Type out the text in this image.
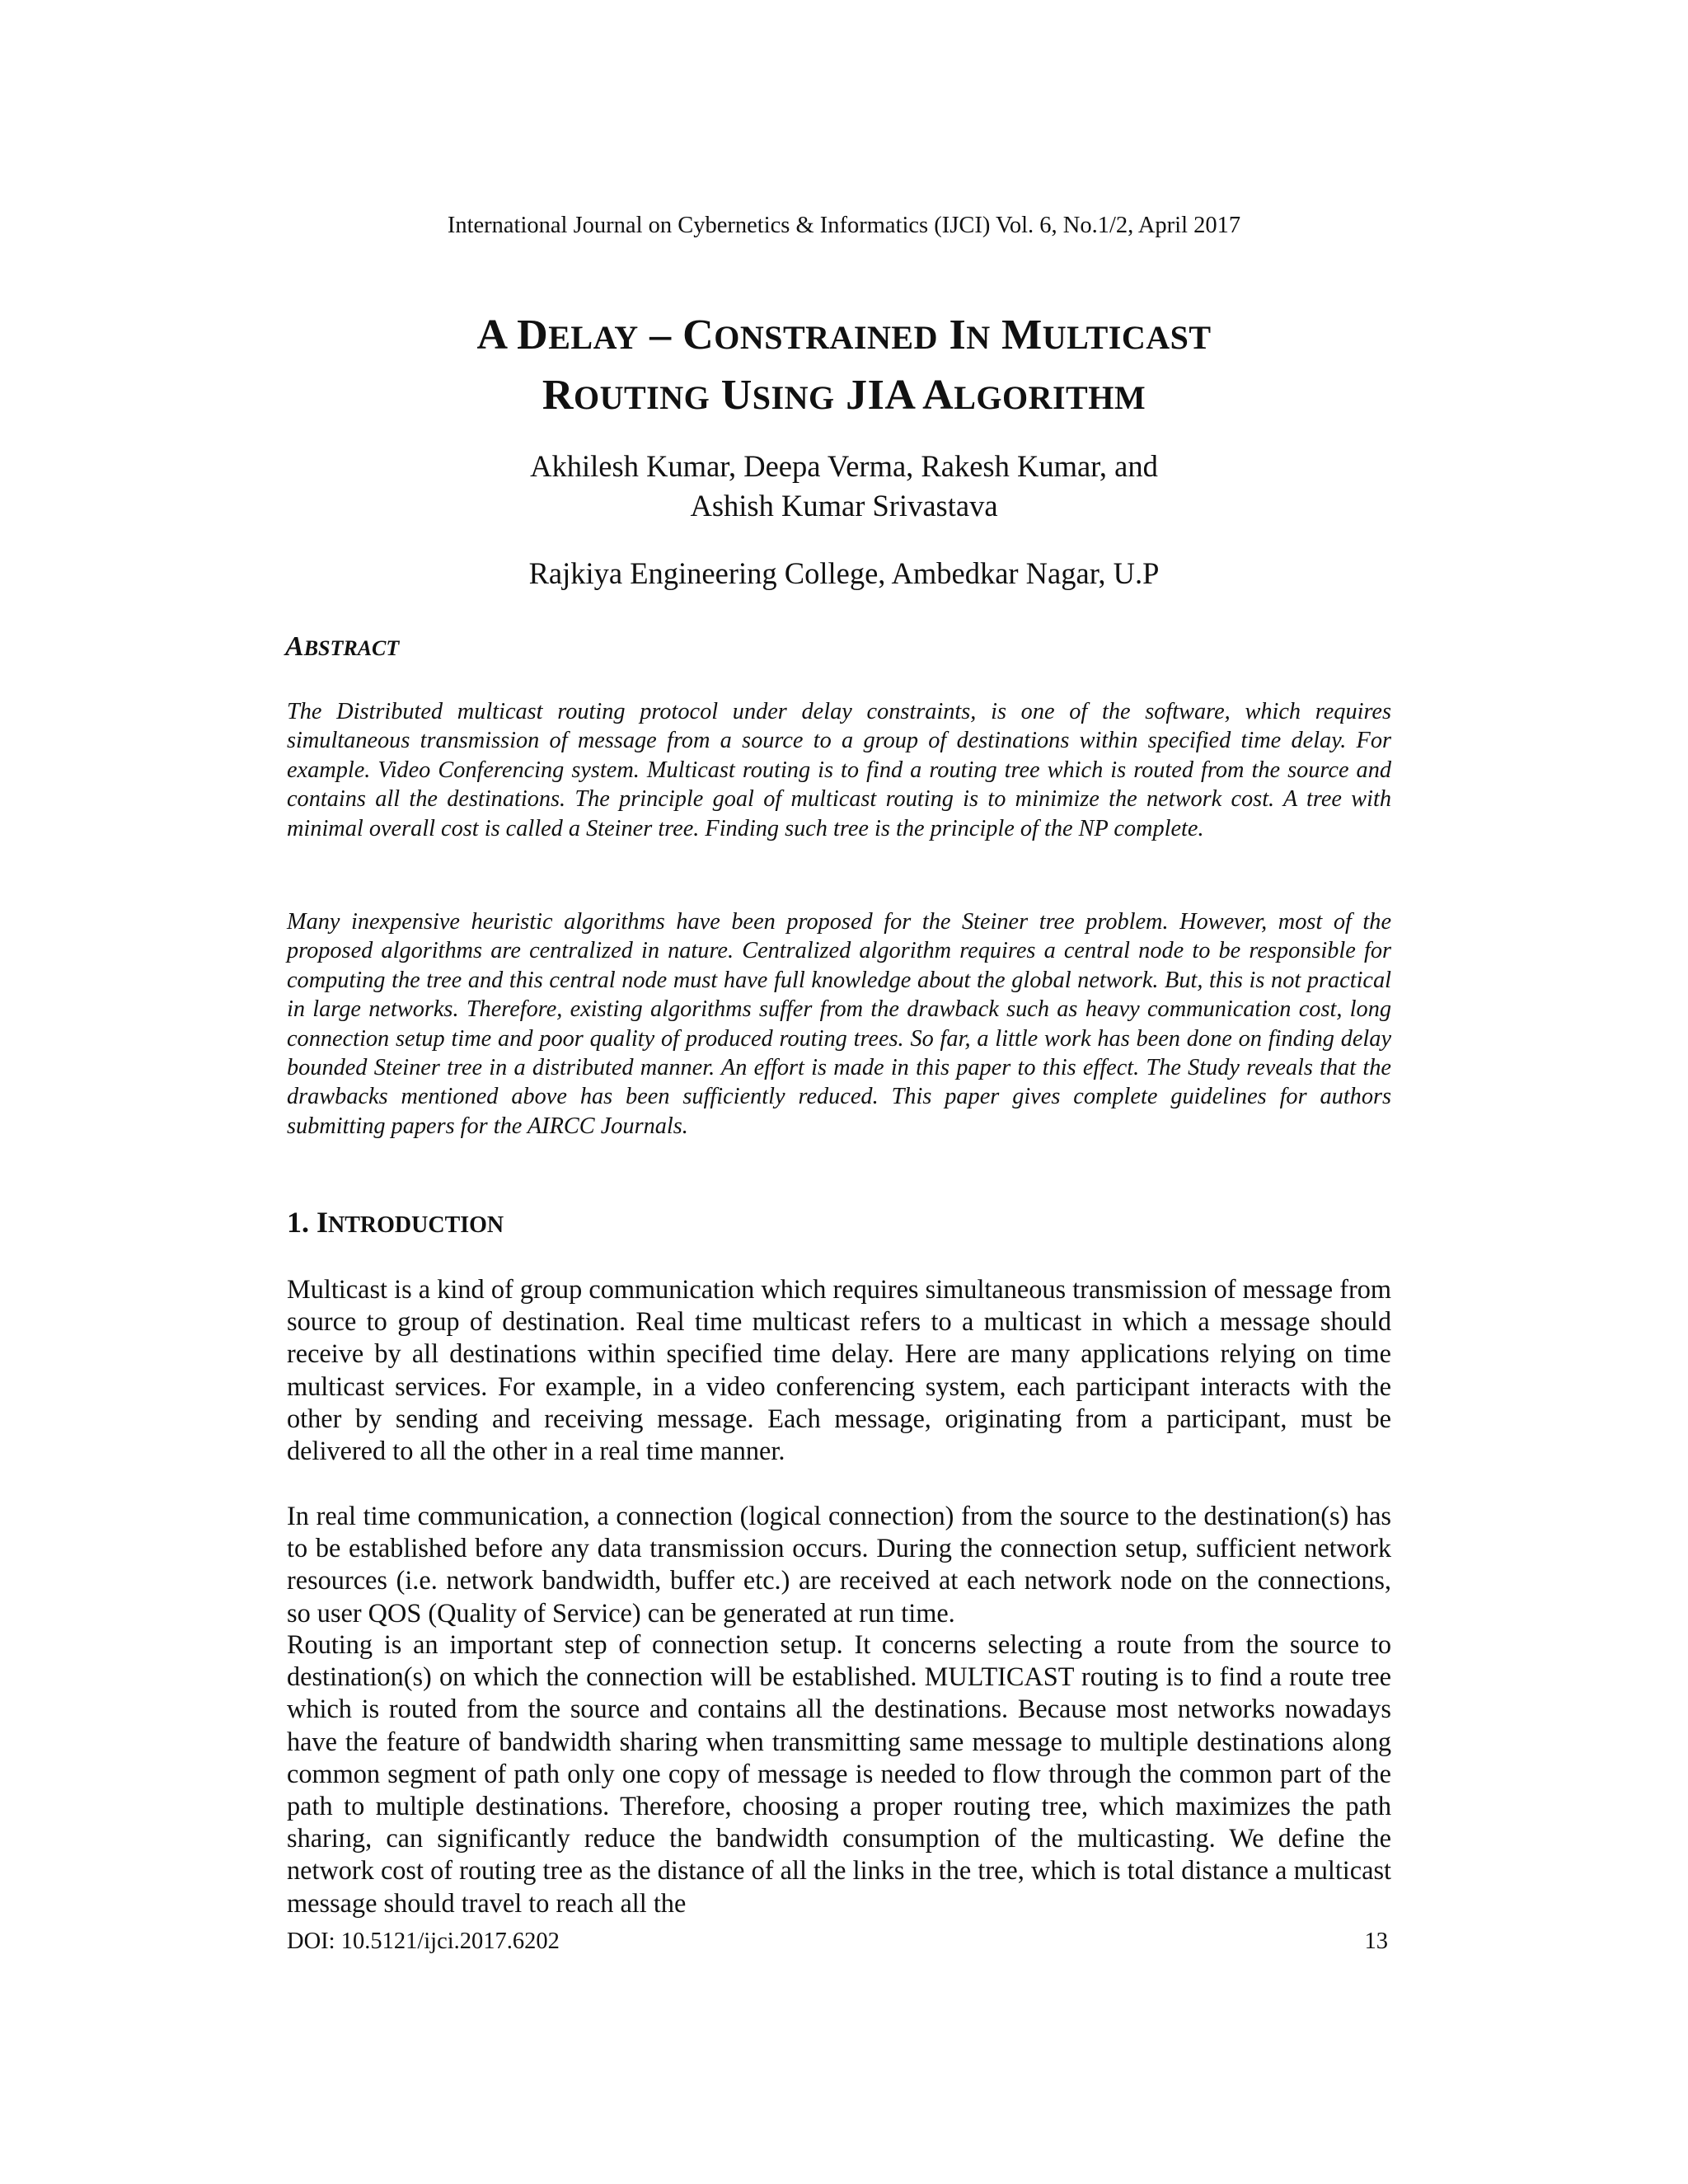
International Journal on Cybernetics & Informatics (IJCI) Vol. 6, No.1/2, April 2017
A DELAY – CONSTRAINED IN MULTICAST
ROUTING USING JIA ALGORITHM
Akhilesh Kumar, Deepa Verma, Rakesh Kumar, and
Ashish Kumar Srivastava
Rajkiya Engineering College, Ambedkar Nagar, U.P
ABSTRACT

The Distributed multicast routing protocol under delay constraints, is one of the software, which requires simultaneous transmission of message from a source to a group of destinations within specified time delay. For example. Video Conferencing system. Multicast routing is to find a routing tree which is routed from the source and contains all the destinations. The principle goal of multicast routing is to minimize the network cost. A tree with minimal overall cost is called a Steiner tree. Finding such tree is the principle of the NP complete.

Many inexpensive heuristic algorithms have been proposed for the Steiner tree problem. However, most of the proposed algorithms are centralized in nature. Centralized algorithm requires a central node to be responsible for computing the tree and this central node must have full knowledge about the global network. But, this is not practical in large networks. Therefore, existing algorithms suffer from the drawback such as heavy communication cost, long connection setup time and poor quality of produced routing trees. So far, a little work has been done on finding delay bounded Steiner tree in a distributed manner. An effort is made in this paper to this effect. The Study reveals that the drawbacks mentioned above has been sufficiently reduced. This paper gives complete guidelines for authors submitting papers for the AIRCC Journals.

1. INTRODUCTION

Multicast is a kind of group communication which requires simultaneous transmission of message from source to group of destination. Real time multicast refers to a multicast in which a message should receive by all destinations within specified time delay. Here are many applications relying on time multicast services. For example, in a video conferencing system, each participant interacts with the other by sending and receiving message. Each message, originating from a participant, must be delivered to all the other in a real time manner.

In real time communication, a connection (logical connection) from the source to the destination(s) has to be established before any data transmission occurs. During the connection setup, sufficient network resources (i.e. network bandwidth, buffer etc.) are received at each network node on the connections, so user QOS (Quality of Service) can be generated at run time.

Routing is an important step of connection setup. It concerns selecting a route from the source to destination(s) on which the connection will be established. MULTICAST routing is to find a route tree which is routed from the source and contains all the destinations. Because most networks nowadays have the feature of bandwidth sharing when transmitting same message to multiple destinations along common segment of path only one copy of message is needed to flow through the common part of the path to multiple destinations. Therefore, choosing a proper routing tree, which maximizes the path sharing, can significantly reduce the bandwidth consumption of the multicasting. We define the network cost of routing tree as the distance of all the links in the tree, which is total distance a multicast message should travel to reach all the

DOI: 10.5121/ijci.2017.6202	13
